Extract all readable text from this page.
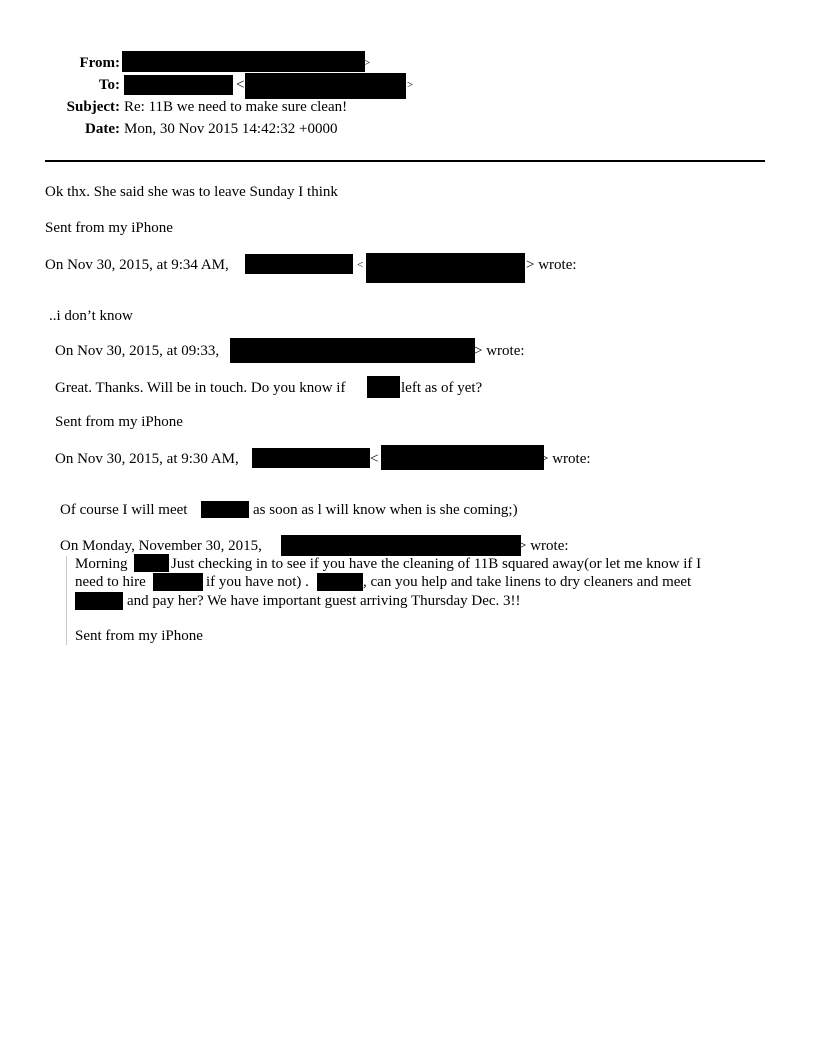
From:	>
To:	<	>
Subject: Re: 11B we need to make sure clean!
Date: Mon, 30 Nov 2015 14:42:32 +0000
Ok thx. She said she was to leave Sunday I think
Sent from my iPhone
On Nov 30, 2015, at 9:34 AM,	<	> wrote:
..i don’t know
On Nov 30, 2015, at 09:33,	> wrote:
Great. Thanks. Will be in touch. Do you know if	left as of yet?
Sent from my iPhone
On Nov 30, 2015, at 9:30 AM,	<	> wrote:
Of course I will meet	as soon as l will know when is she coming;)
On Monday, November 30, 2015,	> wrote:
Morning	Just checking in to see if you have the cleaning of 11B squared away(or let me know if I
need to hire	if you have not) .	, can you help and take linens to dry cleaners and meet
and pay her? We have important guest arriving Thursday Dec. 3!!
Sent from my iPhone
